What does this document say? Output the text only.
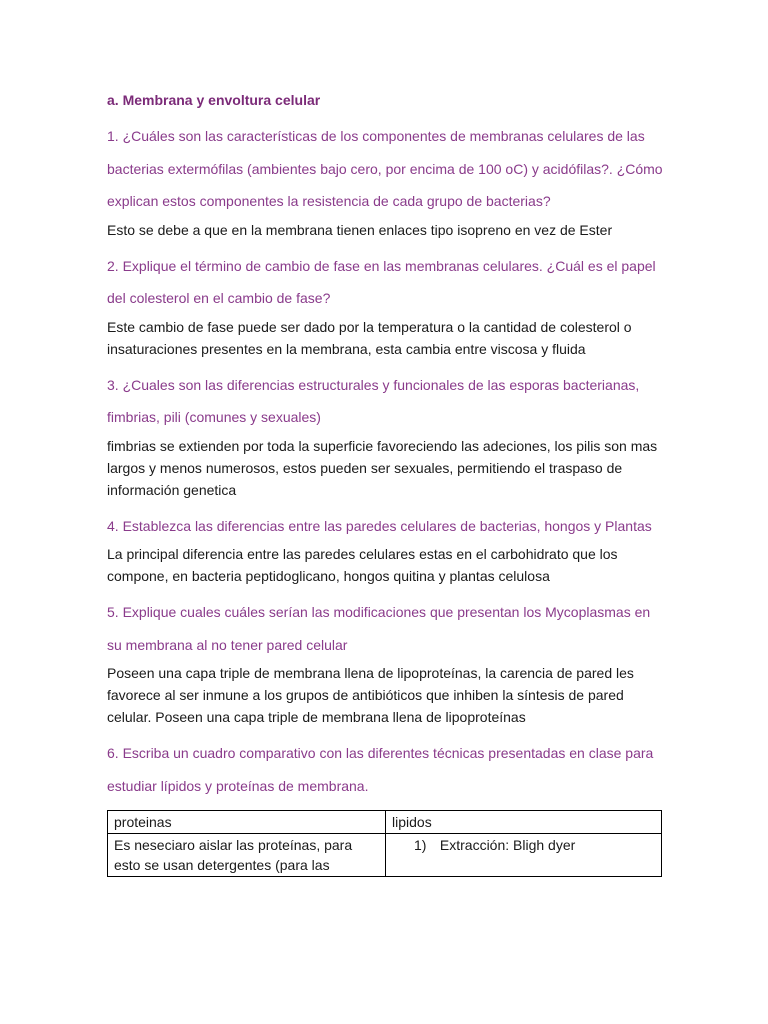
a. Membrana y envoltura celular
1. ¿Cuáles son las características de los componentes de membranas celulares de las bacterias extermófilas (ambientes bajo cero, por encima de 100 oC) y acidófilas?. ¿Cómo explican estos componentes la resistencia de cada grupo de bacterias?
Esto se debe a que en la membrana tienen enlaces tipo isopreno en vez de Ester
2. Explique el término de cambio de fase en las membranas celulares. ¿Cuál es el papel del colesterol en el cambio de fase?
Este cambio de fase puede ser dado por la temperatura o la cantidad de colesterol o insaturaciones presentes en la membrana, esta cambia entre viscosa y fluida
3. ¿Cuales son las diferencias estructurales y funcionales de las esporas bacterianas, fimbrias, pili (comunes y sexuales)
fimbrias se extienden por toda la superficie favoreciendo las adeciones, los pilis son mas largos y menos numerosos, estos pueden ser sexuales, permitiendo el traspaso de información genetica
4. Establezca las diferencias entre las paredes celulares de bacterias, hongos y Plantas
La principal diferencia entre las paredes celulares estas en el carbohidrato que los compone, en bacteria peptidoglicano, hongos quitina y plantas celulosa
5. Explique cuales cuáles serían las modificaciones que presentan los Mycoplasmas en su membrana al no tener pared celular
Poseen una capa triple de membrana llena de lipoproteínas, la carencia de pared les favorece al ser inmune a los grupos de antibióticos que inhiben la síntesis de pared celular. Poseen una capa triple de membrana llena de lipoproteínas
6. Escriba un cuadro comparativo con las diferentes técnicas presentadas en clase para estudiar lípidos y proteínas de membrana.
proteinas	lipidos
Es neseciaro aislar las proteínas, para esto se usan detergentes (para las	1) Extracción: Bligh dyer
